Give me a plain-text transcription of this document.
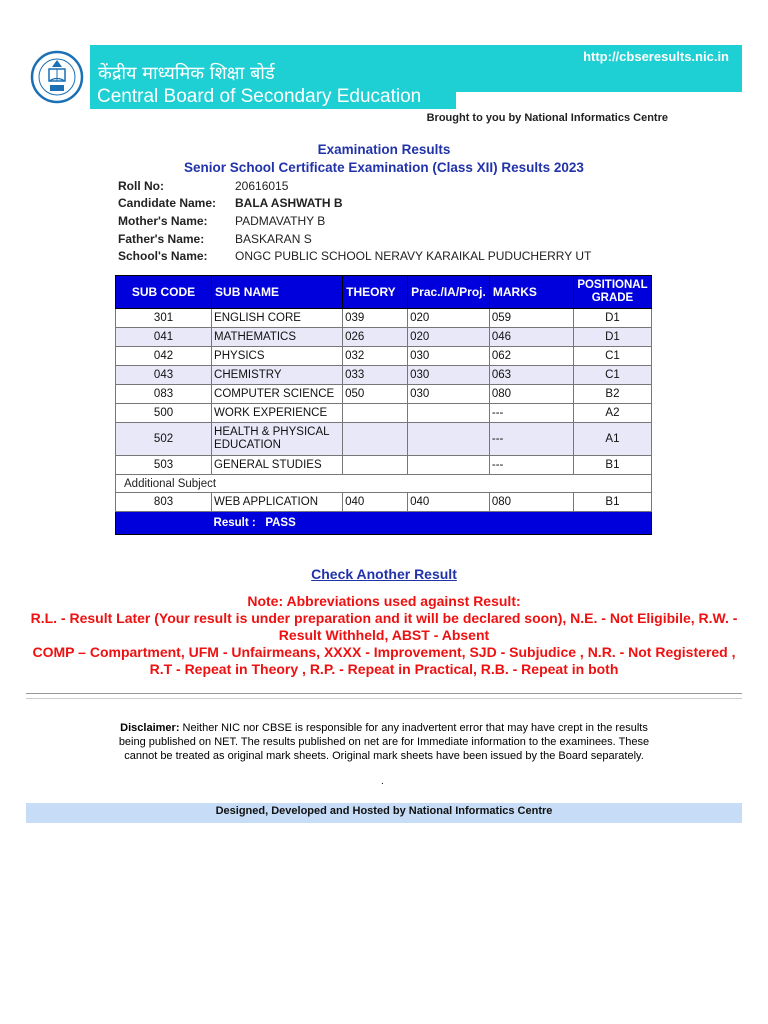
केंद्रीय माध्यमिक शिक्षा बोर्ड
Central Board of Secondary Education
http://cbseresults.nic.in
Brought to you by National Informatics Centre
Examination Results
Senior School Certificate Examination (Class XII) Results 2023
Roll No:	20616015
Candidate Name:	BALA ASHWATH B
Mother's Name:	PADMAVATHY B
Father's Name:	BASKARAN S
School's Name:	ONGC PUBLIC SCHOOL NERAVY KARAIKAL PUDUCHERRY UT
SUB CODE	SUB NAME	THEORY	Prac./IA/Proj.	MARKS	POSITIONAL GRADE
301	ENGLISH CORE	039	020	059	D1
041	MATHEMATICS	026	020	046	D1
042	PHYSICS	032	030	062	C1
043	CHEMISTRY	033	030	063	C1
083	COMPUTER SCIENCE	050	030	080	B2
500	WORK EXPERIENCE			---	A2
502	HEALTH & PHYSICAL EDUCATION			---	A1
503	GENERAL STUDIES			---	B1
Additional Subject					
803	WEB APPLICATION	040	040	080	B1
	Result : PASS				
Check Another Result
Note: Abbreviations used against Result:
R.L. - Result Later (Your result is under preparation and it will be declared soon), N.E. - Not Eligibile, R.W. - Result Withheld, ABST - Absent
COMP – Compartment, UFM - Unfairmeans, XXXX - Improvement, SJD - Subjudice , N.R. - Not Registered , R.T - Repeat in Theory , R.P. - Repeat in Practical, R.B. - Repeat in both
Disclaimer: Neither NIC nor CBSE is responsible for any inadvertent error that may have crept in the results being published on NET. The results published on net are for Immediate information to the examinees. These cannot be treated as original mark sheets. Original mark sheets have been issued by the Board separately.
.
Designed, Developed and Hosted by National Informatics Centre
